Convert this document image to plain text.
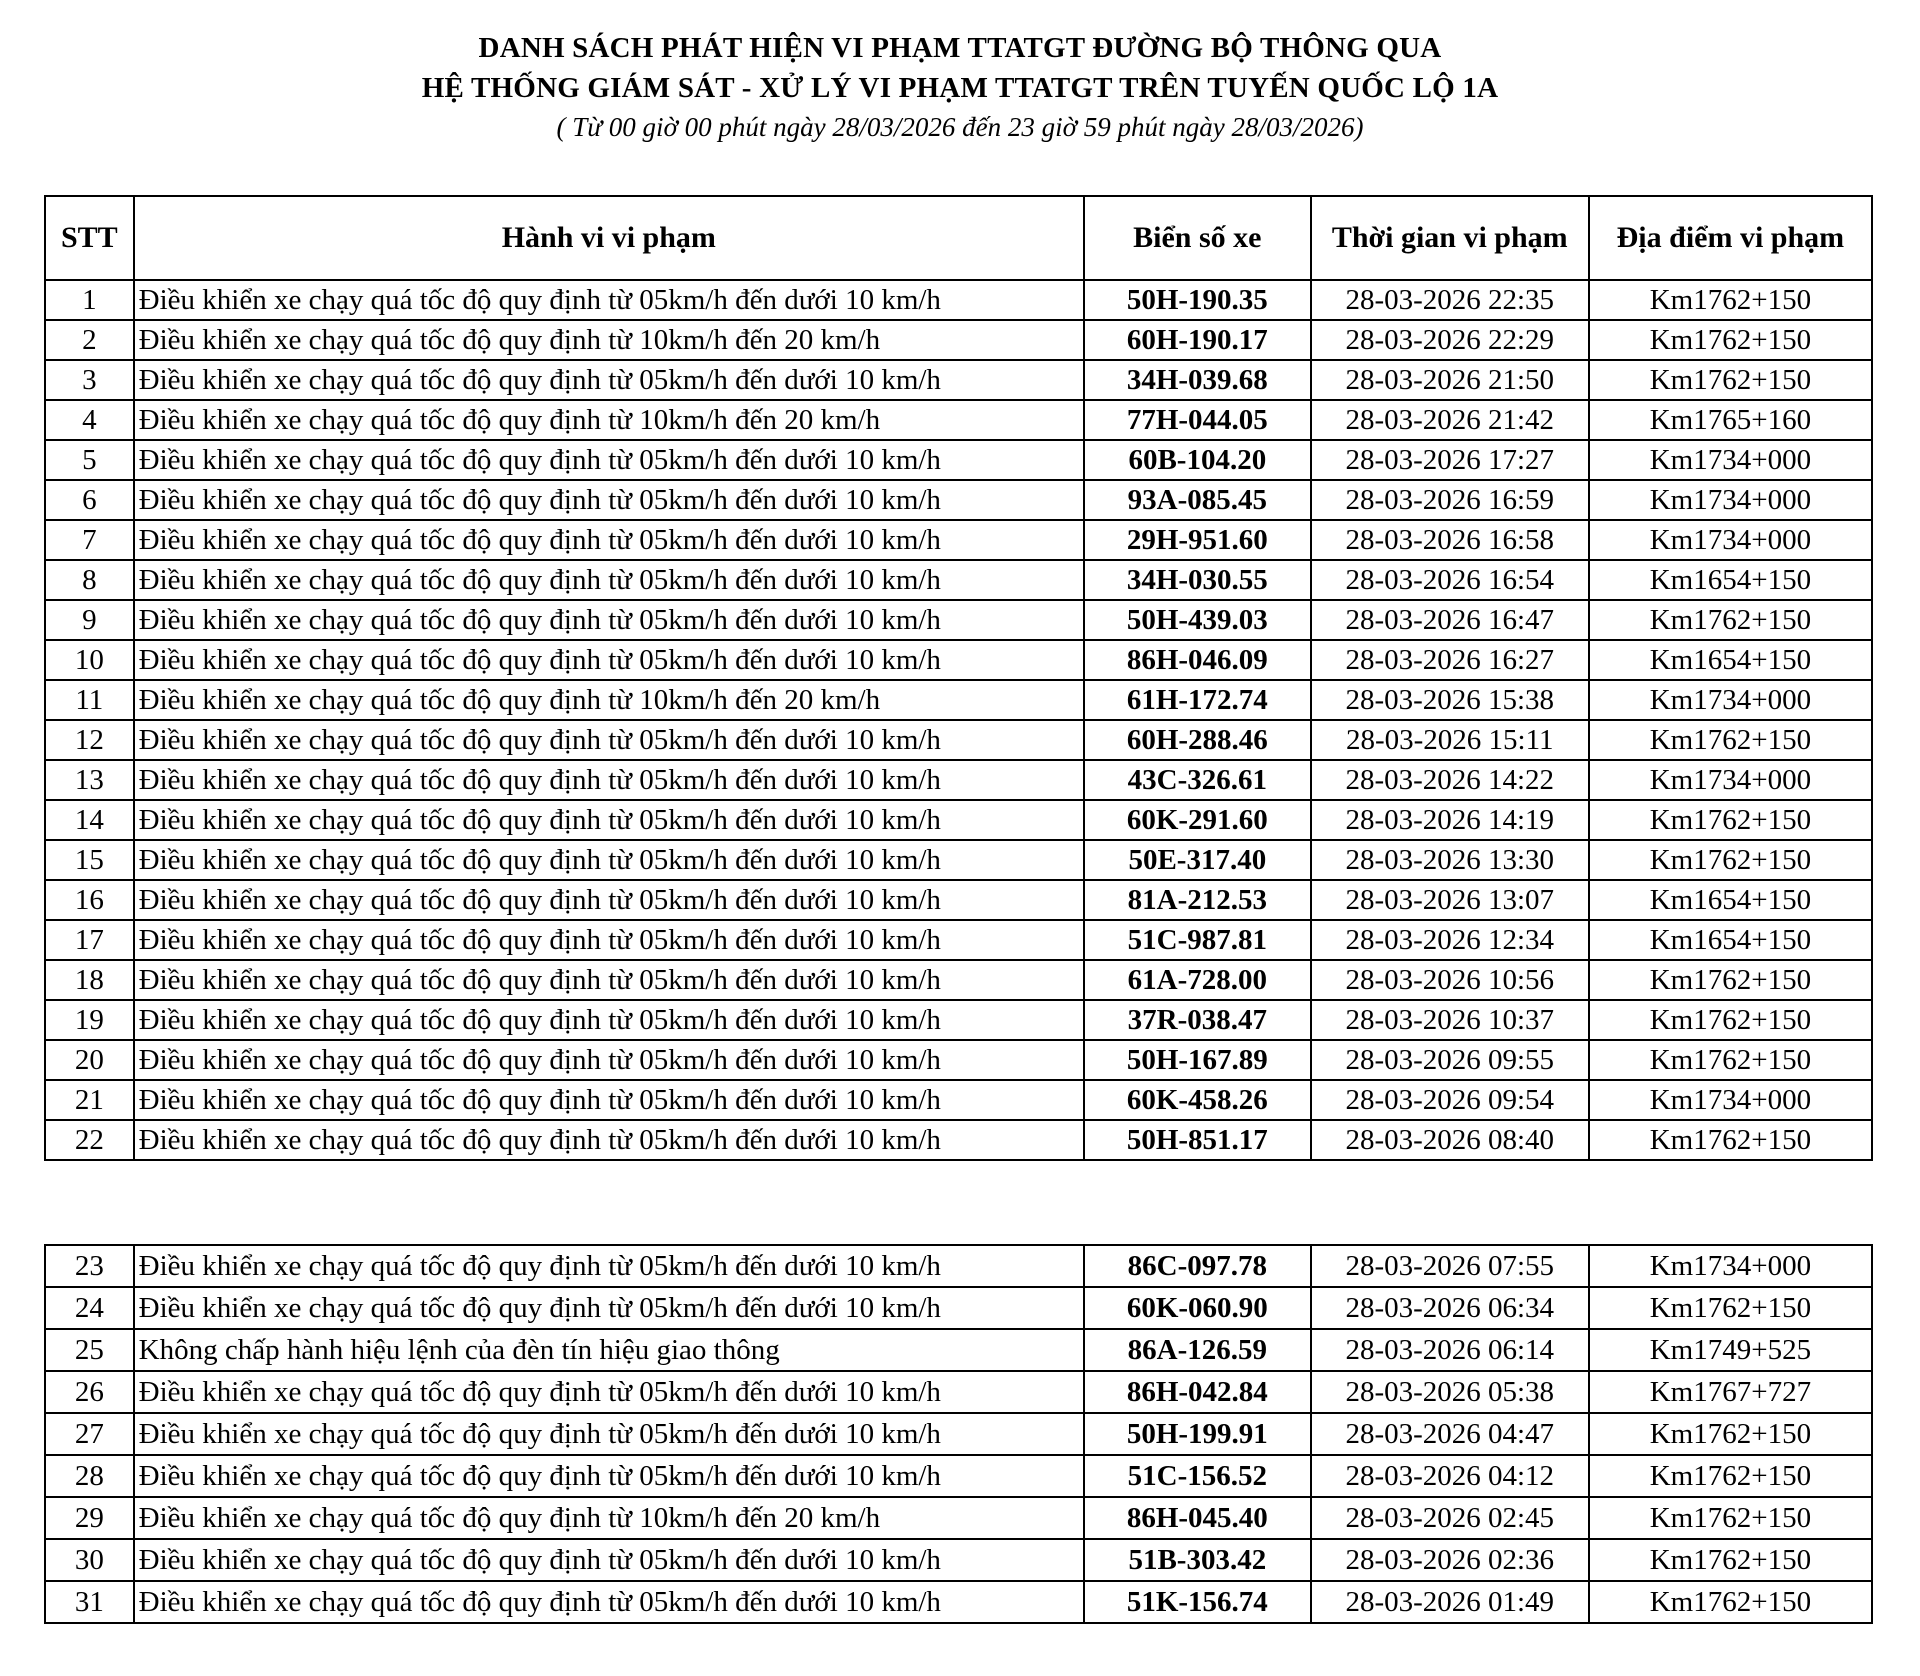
DANH SÁCH PHÁT HIỆN VI PHẠM TTATGT ĐƯỜNG BỘ THÔNG QUA
HỆ THỐNG GIÁM SÁT - XỬ LÝ VI PHẠM TTATGT TRÊN TUYẾN QUỐC LỘ 1A
( Từ 00 giờ 00 phút ngày 28/03/2026 đến 23 giờ 59 phút ngày 28/03/2026)
STT	Hành vi vi phạm	Biển số xe	Thời gian vi phạm	Địa điểm vi phạm
1	Điều khiển xe chạy quá tốc độ quy định từ 05km/h đến dưới 10 km/h	50H-190.35	28-03-2026 22:35	Km1762+150
2	Điều khiển xe chạy quá tốc độ quy định từ 10km/h đến 20 km/h	60H-190.17	28-03-2026 22:29	Km1762+150
3	Điều khiển xe chạy quá tốc độ quy định từ 05km/h đến dưới 10 km/h	34H-039.68	28-03-2026 21:50	Km1762+150
4	Điều khiển xe chạy quá tốc độ quy định từ 10km/h đến 20 km/h	77H-044.05	28-03-2026 21:42	Km1765+160
5	Điều khiển xe chạy quá tốc độ quy định từ 05km/h đến dưới 10 km/h	60B-104.20	28-03-2026 17:27	Km1734+000
6	Điều khiển xe chạy quá tốc độ quy định từ 05km/h đến dưới 10 km/h	93A-085.45	28-03-2026 16:59	Km1734+000
7	Điều khiển xe chạy quá tốc độ quy định từ 05km/h đến dưới 10 km/h	29H-951.60	28-03-2026 16:58	Km1734+000
8	Điều khiển xe chạy quá tốc độ quy định từ 05km/h đến dưới 10 km/h	34H-030.55	28-03-2026 16:54	Km1654+150
9	Điều khiển xe chạy quá tốc độ quy định từ 05km/h đến dưới 10 km/h	50H-439.03	28-03-2026 16:47	Km1762+150
10	Điều khiển xe chạy quá tốc độ quy định từ 05km/h đến dưới 10 km/h	86H-046.09	28-03-2026 16:27	Km1654+150
11	Điều khiển xe chạy quá tốc độ quy định từ 10km/h đến 20 km/h	61H-172.74	28-03-2026 15:38	Km1734+000
12	Điều khiển xe chạy quá tốc độ quy định từ 05km/h đến dưới 10 km/h	60H-288.46	28-03-2026 15:11	Km1762+150
13	Điều khiển xe chạy quá tốc độ quy định từ 05km/h đến dưới 10 km/h	43C-326.61	28-03-2026 14:22	Km1734+000
14	Điều khiển xe chạy quá tốc độ quy định từ 05km/h đến dưới 10 km/h	60K-291.60	28-03-2026 14:19	Km1762+150
15	Điều khiển xe chạy quá tốc độ quy định từ 05km/h đến dưới 10 km/h	50E-317.40	28-03-2026 13:30	Km1762+150
16	Điều khiển xe chạy quá tốc độ quy định từ 05km/h đến dưới 10 km/h	81A-212.53	28-03-2026 13:07	Km1654+150
17	Điều khiển xe chạy quá tốc độ quy định từ 05km/h đến dưới 10 km/h	51C-987.81	28-03-2026 12:34	Km1654+150
18	Điều khiển xe chạy quá tốc độ quy định từ 05km/h đến dưới 10 km/h	61A-728.00	28-03-2026 10:56	Km1762+150
19	Điều khiển xe chạy quá tốc độ quy định từ 05km/h đến dưới 10 km/h	37R-038.47	28-03-2026 10:37	Km1762+150
20	Điều khiển xe chạy quá tốc độ quy định từ 05km/h đến dưới 10 km/h	50H-167.89	28-03-2026 09:55	Km1762+150
21	Điều khiển xe chạy quá tốc độ quy định từ 05km/h đến dưới 10 km/h	60K-458.26	28-03-2026 09:54	Km1734+000
22	Điều khiển xe chạy quá tốc độ quy định từ 05km/h đến dưới 10 km/h	50H-851.17	28-03-2026 08:40	Km1762+150
23	Điều khiển xe chạy quá tốc độ quy định từ 05km/h đến dưới 10 km/h	86C-097.78	28-03-2026 07:55	Km1734+000
24	Điều khiển xe chạy quá tốc độ quy định từ 05km/h đến dưới 10 km/h	60K-060.90	28-03-2026 06:34	Km1762+150
25	Không chấp hành hiệu lệnh của đèn tín hiệu giao thông	86A-126.59	28-03-2026 06:14	Km1749+525
26	Điều khiển xe chạy quá tốc độ quy định từ 05km/h đến dưới 10 km/h	86H-042.84	28-03-2026 05:38	Km1767+727
27	Điều khiển xe chạy quá tốc độ quy định từ 05km/h đến dưới 10 km/h	50H-199.91	28-03-2026 04:47	Km1762+150
28	Điều khiển xe chạy quá tốc độ quy định từ 05km/h đến dưới 10 km/h	51C-156.52	28-03-2026 04:12	Km1762+150
29	Điều khiển xe chạy quá tốc độ quy định từ 10km/h đến 20 km/h	86H-045.40	28-03-2026 02:45	Km1762+150
30	Điều khiển xe chạy quá tốc độ quy định từ 05km/h đến dưới 10 km/h	51B-303.42	28-03-2026 02:36	Km1762+150
31	Điều khiển xe chạy quá tốc độ quy định từ 05km/h đến dưới 10 km/h	51K-156.74	28-03-2026 01:49	Km1762+150
